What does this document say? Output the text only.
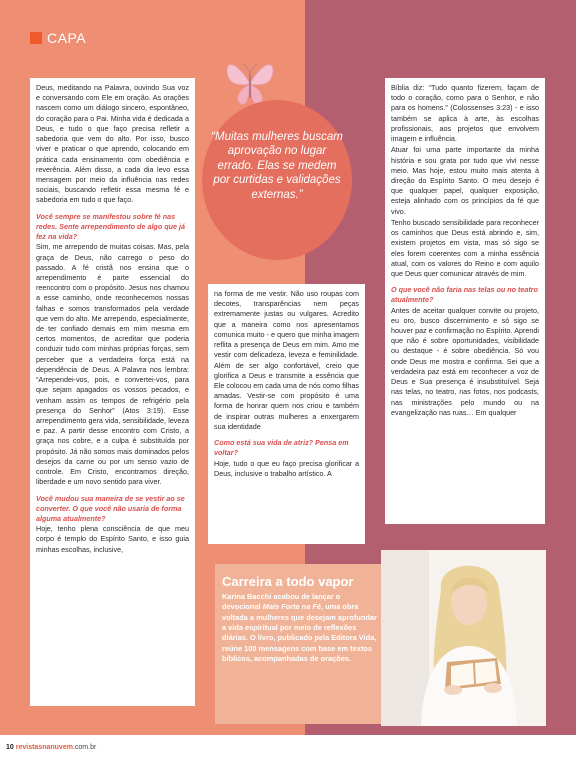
CAPA

Deus, meditando na Palavra, ouvindo Sua voz e conversando com Ele em oração. As orações nascem como um diálogo sincero, espontâneo, do coração para o Pai. Minha vida é dedicada a Deus, e tudo o que faço precisa refletir a sabedoria que vem do alto. Por isso, busco viver e praticar o que aprendo, colocando em prática cada ensinamento com obediência e reverência. Além disso, a cada dia levo essa mensagem por meio da influência nas redes sociais, buscando refletir essa mesma fé e sabedoria em tudo o que faço.

Você sempre se manifestou sobre fé nas redes. Sente arrependimento de algo que já fez na vida?

Sim, me arrependo de muitas coisas. Mas, pela graça de Deus, não carrego o peso do passado. A fé cristã nos ensina que o arrependimento é parte essencial do reencontro com o propósito. Jesus nos chamou a esse caminho, onde reconhecemos nossas falhas e somos transformados pela verdade que vem do alto. Me arrependo, especialmente, de ter confiado demais em mim mesma em certos momentos, de acreditar que poderia conduzir tudo com minhas próprias forças, sem perceber que a verdadeira força está na dependência de Deus. A Palavra nos lembra: “Arrependei-vos, pois, e convertei-vos, para que sejam apagados os vossos pecados, e venham assim os tempos de refrigério pela presença do Senhor” (Atos 3:19). Esse arrependimento gera vida, sensibilidade, leveza e paz. A partir desse encontro com Cristo, a graça nos cobre, e a culpa é substituída por propósito. Já não somos mais dominados pelos desejos da carne ou por um senso vazio de controle. Em Cristo, encontramos direção, liberdade e um novo sentido para viver.

Você mudou sua maneira de se vestir ao se converter. O que você não usaria de forma alguma atualmente?

Hoje, tenho plena consciência de que meu corpo é templo do Espírito Santo, e isso guia minhas escolhas, inclusive,

“Muitas mulheres buscam aprovação no lugar errado. Elas se medem por curtidas e validações externas.”

na forma de me vestir. Não uso roupas com decotes, transparências nem peças extremamente justas ou vulgares. Acredito que a maneira como nos apresentamos comunica muito - e quero que minha imagem reflita a presença de Deus em mim. Amo me vestir com delicadeza, leveza e feminilidade. Além de ser algo confortável, creio que glorifica a Deus e transmite a essência que Ele colocou em cada uma de nós como filhas amadas. Vestir-se com propósito é uma forma de honrar quem nos criou e também de inspirar outras mulheres a enxergarem sua identidade

Como está sua vida de atriz? Pensa em voltar?

Hoje, tudo o que eu faço precisa glorificar a Deus, inclusive o trabalho artístico. A

Bíblia diz: “Tudo quanto fizerem, façam de todo o coração, como para o Senhor, e não para os homens.” (Colossenses 3:23) - e isso também se aplica à arte, às escolhas profissionais, aos projetos que envolvem imagem e influência.

Atuar foi uma parte importante da minha história e sou grata por tudo que vivi nesse meio. Mas hoje, estou muito mais atenta à direção do Espírito Santo. O meu desejo é que qualquer papel, qualquer exposição, esteja alinhado com os princípios da fé que vivo.

Tenho buscado sensibilidade para reconhecer os caminhos que Deus está abrindo e, sim, existem projetos em vista, mas só sigo se eles forem coerentes com a minha essência atual, com os valores do Reino e com aquilo que Deus quer comunicar através de mim.

O que você não faria nas telas ou no teatro atualmente?

Antes de aceitar qualquer convite ou projeto, eu oro, busco discernimento e só sigo se houver paz e confirmação no Espírito. Aprendi que não é sobre oportunidades, visibilidade ou destaque - é sobre obediência. Só vou onde Deus me mostra e confirma. Sei que a verdadeira paz está em reconhecer a voz de Deus e Sua presença é insubstituível. Seja nas telas, no teatro, nas fotos, nos podcasts, nas ministrações pelo mundo ou na evangelização nas ruas… Em qualquer

Carreira a todo vapor

Karina Bacchi acabou de lançar o devocional Mais Forte na Fé, uma obra voltada a mulheres que desejam aprofundar a vida espiritual por meio de reflexões diárias. O livro, publicado pela Editora Vida, reúne 100 mensagens com base em textos bíblicos, acompanhadas de orações.

10 revistasnanuvem.com.br
